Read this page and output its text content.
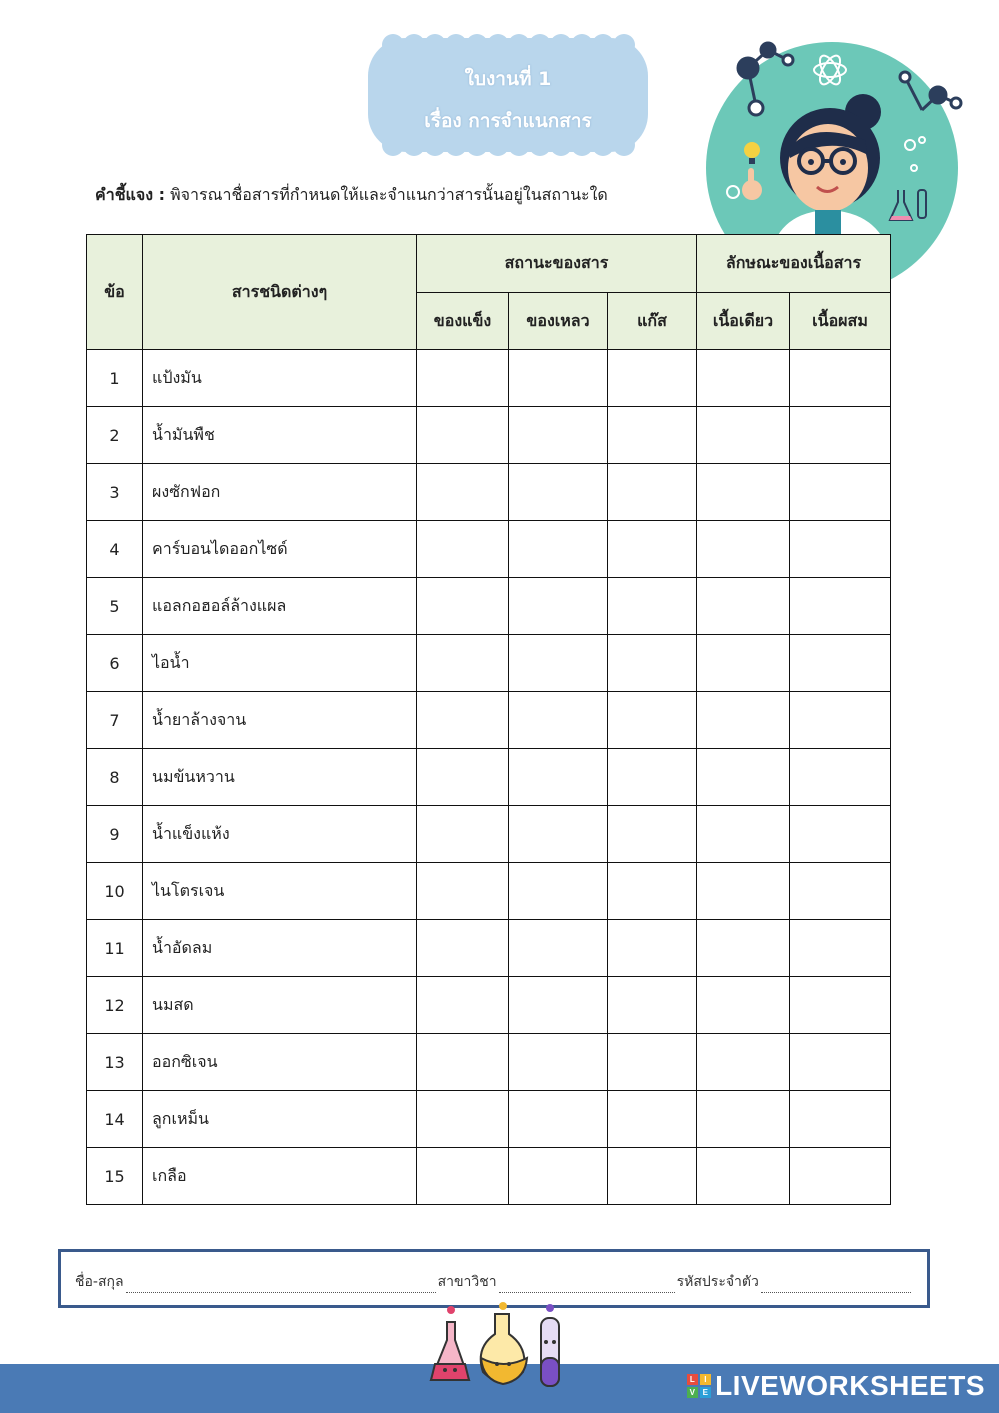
ใบงานที่ 1
เรื่อง การจำแนกสาร
คำชี้แจง : พิจารณาชื่อสารที่กำหนดให้และจำแนกว่าสารนั้นอยู่ในสถานะใด
ข้อ	สารชนิดต่างๆ	สถานะของสาร			ลักษณะของเนื้อสาร	
		ของแข็ง	ของเหลว	แก๊ส	เนื้อเดียว	เนื้อผสม
1	แป้งมัน					
2	น้ำมันพืช					
3	ผงซักฟอก					
4	คาร์บอนไดออกไซด์					
5	แอลกอฮอล์ล้างแผล					
6	ไอน้ำ					
7	น้ำยาล้างจาน					
8	นมข้นหวาน					
9	น้ำแข็งแห้ง					
10	ไนโตรเจน					
11	น้ำอัดลม					
12	นมสด					
13	ออกซิเจน					
14	ลูกเหม็น					
15	เกลือ					
ชื่อ-สกุล	สาขาวิชา	รหัสประจำตัว
L	I
V E LIVEWORKSHEETS
